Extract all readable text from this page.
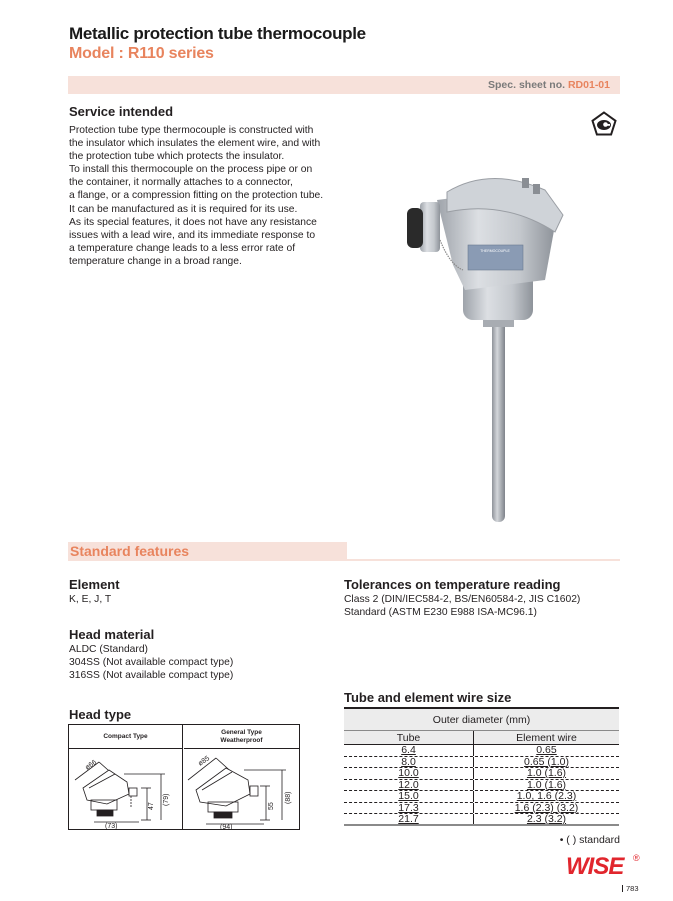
Metallic protection tube thermocouple
Model : R110 series
Spec. sheet no. RD01-01
Service intended
Protection tube type thermocouple is constructed with
the insulator which insulates the element wire, and with
the protection tube which protects the insulator.
To install this thermocouple on the process pipe or on
the container, it normally attaches to a connector,
a flange, or a compression fitting on the protection tube.
It can be manufactured as it is required for its use.
As its special features, it does not have any resistance
issues with a lead wire, and its immediate response to
a temperature change leads to a less error rate of
temperature change in a broad range.
THERMOCOUPLE
Standard features
Element
K, E, J, T
Head material
ALDC (Standard)
304SS (Not available compact type)
316SS (Not available compact type)
Tolerances on temperature reading
Class 2 (DIN/IEC584-2, BS/EN60584-2, JIS C1602)
Standard (ASTM E230 E988 ISA-MC96.1)
Head type
Compact Type
ø66
47
(79)
(73)
General Type
Weatherproof
ø85
55
(88)
(94)
Tube and element wire size
Outer diameter (mm)
Tube	Element wire
6.4	0.65
8.0	0.65 (1.0)
10.0	1.0 (1.6)
12.0	1.0 (1.6)
15.0	1.0, 1.6 (2.3)
17.3	1.6 (2.3) (3.2)
21.7	2.3 (3.2)
• ( ) standard
WISE ®
783
